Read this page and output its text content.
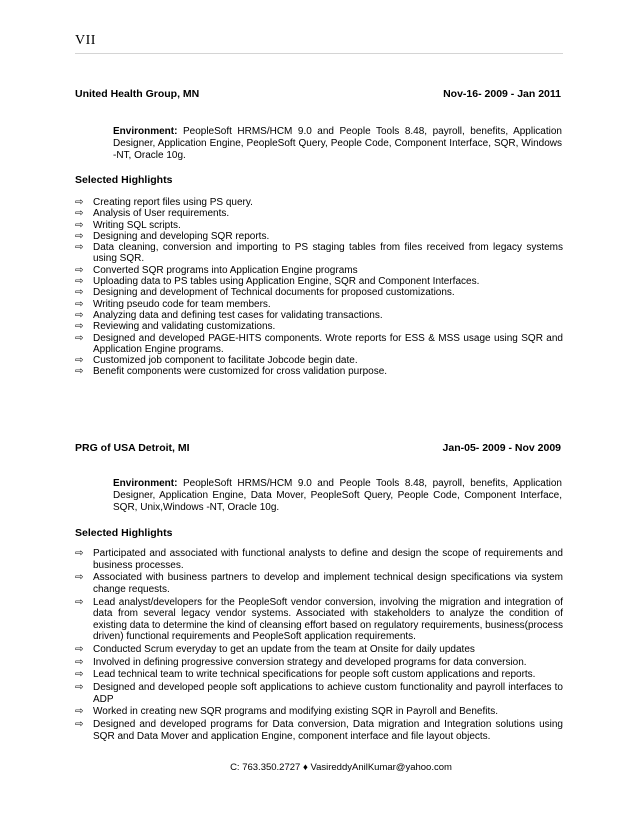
VII
United Health Group, MN	Nov-16- 2009 - Jan 2011
Environment: PeopleSoft HRMS/HCM 9.0 and People Tools 8.48, payroll, benefits, Application Designer, Application Engine, PeopleSoft Query, People Code, Component Interface, SQR, Windows -NT, Oracle 10g.
Selected Highlights
⇨ Creating report files using PS query.
⇨ Analysis of User requirements.
⇨ Writing SQL scripts.
⇨ Designing and developing SQR reports.
⇨ Data cleaning, conversion and importing to PS staging tables from files received from legacy systems using SQR.
⇨ Converted SQR programs into Application Engine programs
⇨ Uploading data to PS tables using Application Engine, SQR and Component Interfaces.
⇨ Designing and development of Technical documents for proposed customizations.
⇨ Writing pseudo code for team members.
⇨ Analyzing data and defining test cases for validating transactions.
⇨ Reviewing and validating customizations.
⇨ Designed and developed PAGE-HITS components. Wrote reports for ESS & MSS usage using SQR and Application Engine programs.
⇨ Customized job component to facilitate Jobcode begin date.
⇨ Benefit components were customized for cross validation purpose.
PRG of USA Detroit, MI	Jan-05- 2009 - Nov 2009
Environment: PeopleSoft HRMS/HCM 9.0 and People Tools 8.48, payroll, benefits, Application Designer, Application Engine, Data Mover, PeopleSoft Query, People Code, Component Interface, SQR, Unix,Windows -NT, Oracle 10g.
Selected Highlights
⇨ Participated and associated with functional analysts to define and design the scope of requirements and business processes.
⇨ Associated with business partners to develop and implement technical design specifications via system change requests.
⇨ Lead analyst/developers for the PeopleSoft vendor conversion, involving the migration and integration of data from several legacy vendor systems. Associated with stakeholders to analyze the condition of existing data to determine the kind of cleansing effort based on regulatory requirements, business(process driven) functional requirements and PeopleSoft application requirements.
⇨ Conducted Scrum everyday to get an update from the team at Onsite for daily updates
⇨ Involved in defining progressive conversion strategy and developed programs for data conversion.
⇨ Lead technical team to write technical specifications for people soft custom applications and reports.
⇨ Designed and developed people soft applications to achieve custom functionality and payroll interfaces to ADP
⇨ Worked in creating new SQR programs and modifying existing SQR in Payroll and Benefits.
⇨ Designed and developed programs for Data conversion, Data migration and Integration solutions using SQR and Data Mover and application Engine, component interface and file layout objects.
C: 763.350.2727 ♦ VasireddyAnilKumar@yahoo.com
